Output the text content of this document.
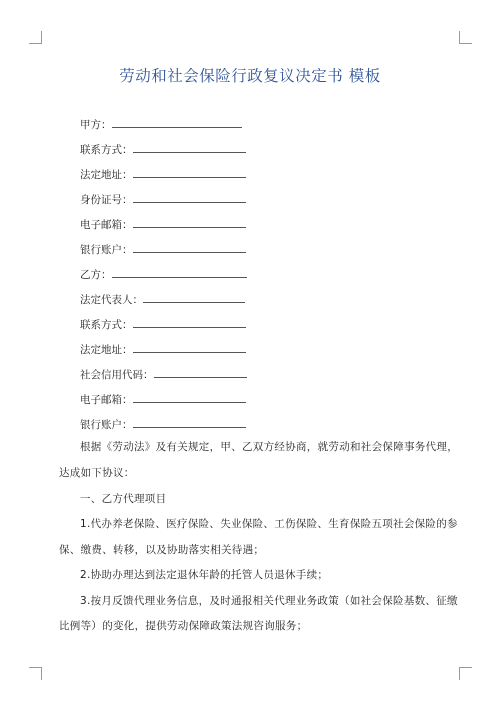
劳动和社会保险行政复议决定书 模板
甲方：
联系方式：
法定地址：
身份证号：
电子邮箱：
银行账户：
乙方：
法定代表人：
联系方式：
法定地址：
社会信用代码：
电子邮箱：
银行账户：
根据《劳动法》及有关规定，甲、乙双方经协商，就劳动和社会保障事务代理，
达成如下协议：
一、乙方代理项目
1.代办养老保险、医疗保险、失业保险、工伤保险、生育保险五项社会保险的参
保、缴费、转移，以及协助落实相关待遇；
2.协助办理达到法定退休年龄的托管人员退休手续；
3.按月反馈代理业务信息，及时通报相关代理业务政策（如社会保险基数、征缴
比例等）的变化，提供劳动保障政策法规咨询服务；
